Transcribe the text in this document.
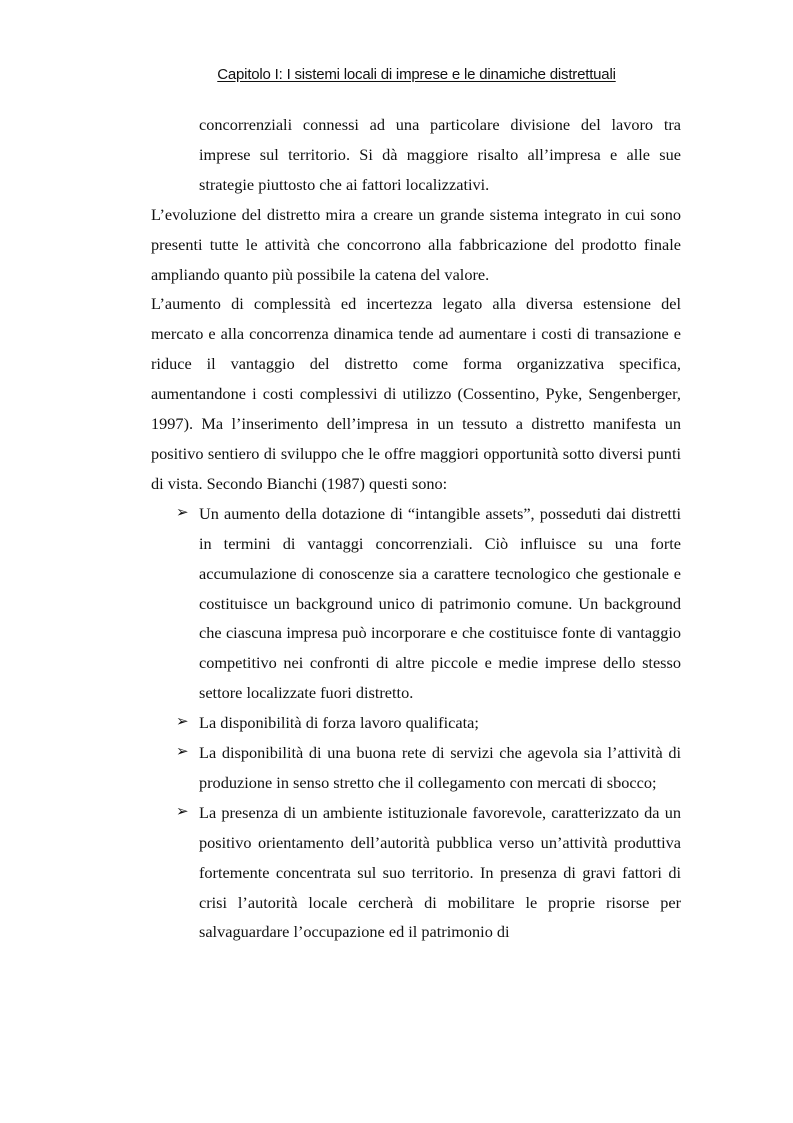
Capitolo I: I sistemi locali di imprese e le dinamiche distrettuali

concorrenziali connessi ad una particolare divisione del lavoro tra imprese sul territorio. Si dà maggiore risalto all’impresa e alle sue strategie piuttosto che ai fattori localizzativi.

L’evoluzione del distretto mira a creare un grande sistema integrato in cui sono presenti tutte le attività che concorrono alla fabbricazione del prodotto finale ampliando quanto più possibile la catena del valore.

L’aumento di complessità ed incertezza legato alla diversa estensione del mercato e alla concorrenza dinamica tende ad aumentare i costi di transazione e riduce il vantaggio del distretto come forma organizzativa specifica, aumentandone i costi complessivi di utilizzo (Cossentino, Pyke, Sengenberger, 1997). Ma l’inserimento dell’impresa in un tessuto a distretto manifesta un positivo sentiero di sviluppo che le offre maggiori opportunità sotto diversi punti di vista. Secondo Bianchi (1987) questi sono:

➢ Un aumento della dotazione di “intangible assets”, posseduti dai distretti in termini di vantaggi concorrenziali. Ciò influisce su una forte accumulazione di conoscenze sia a carattere tecnologico che gestionale e costituisce un background unico di patrimonio comune. Un background che ciascuna impresa può incorporare e che costituisce fonte di vantaggio competitivo nei confronti di altre piccole e medie imprese dello stesso settore localizzate fuori distretto.
➢ La disponibilità di forza lavoro qualificata;
➢ La disponibilità di una buona rete di servizi che agevola sia l’attività di produzione in senso stretto che il collegamento con mercati di sbocco;
➢ La presenza di un ambiente istituzionale favorevole, caratterizzato da un positivo orientamento dell’autorità pubblica verso un’attività produttiva fortemente concentrata sul suo territorio. In presenza di gravi fattori di crisi l’autorità locale cercherà di mobilitare le proprie risorse per salvaguardare l’occupazione ed il patrimonio di
